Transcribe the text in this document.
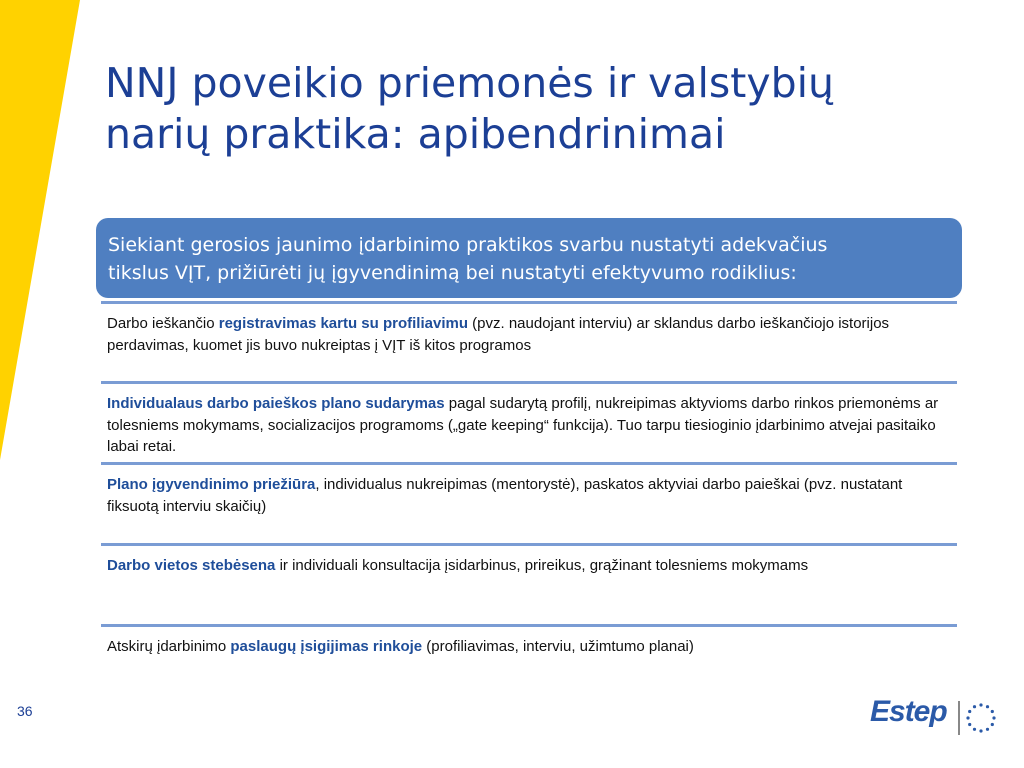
NNJ poveikio priemonės ir valstybių
narių praktika: apibendrinimai
Siekiant gerosios jaunimo įdarbinimo praktikos svarbu nustatyti adekvačius
tikslus VĮT, prižiūrėti jų įgyvendinimą bei nustatyti efektyvumo rodiklius:
Darbo ieškančio registravimas kartu su profiliavimu (pvz. naudojant interviu) ar sklandus darbo ieškančiojo istorijos perdavimas, kuomet jis buvo nukreiptas į VĮT iš kitos programos
Individualaus darbo paieškos plano sudarymas pagal sudarytą profilį, nukreipimas aktyvioms darbo rinkos priemonėms ar tolesniems mokymams, socializacijos programoms („gate keeping“ funkcija). Tuo tarpu tiesioginio įdarbinimo atvejai pasitaiko labai retai.
Plano įgyvendinimo priežiūra, individualus nukreipimas (mentorystė), paskatos aktyviai darbo paieškai (pvz. nustatant fiksuotą interviu skaičių)
Darbo vietos stebėsena ir individuali konsultacija įsidarbinus, prireikus, grąžinant tolesniems mokymams
Atskirų įdarbinimo paslaugų įsigijimas rinkoje (profiliavimas, interviu, užimtumo planai)
36	Estep
